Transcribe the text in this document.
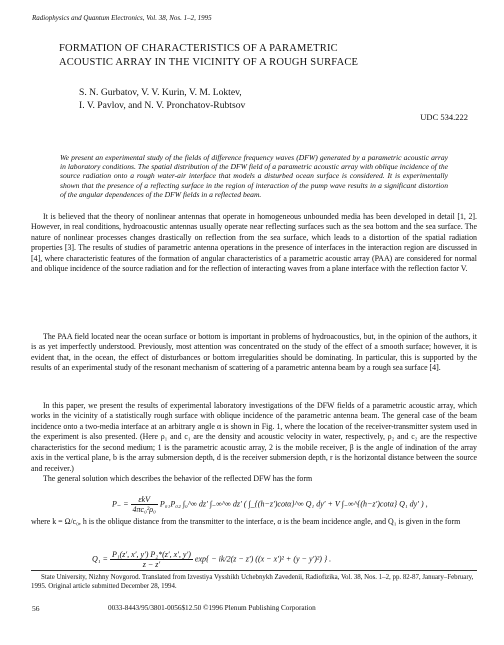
Radiophysics and Quantum Electronics, Vol. 38, Nos. 1–2, 1995
FORMATION OF CHARACTERISTICS OF A PARAMETRIC
ACOUSTIC ARRAY IN THE VICINITY OF A ROUGH SURFACE
S. N. Gurbatov, V. V. Kurin, V. M. Loktev,
I. V. Pavlov, and N. V. Pronchatov-Rubtsov
UDC 534.222
We present an experimental study of the fields of difference frequency waves (DFW) generated by a parametric acoustic array in laboratory conditions. The spatial distribution of the DFW field of a parametric acoustic array with oblique incidence of the source radiation onto a rough water-air interface that models a disturbed ocean surface is considered. It is experimentally shown that the presence of a reflecting surface in the region of interaction of the pump wave results in a significant distortion of the angular dependences of the DFW fields in a reflected beam.

It is believed that the theory of nonlinear antennas that operate in homogeneous unbounded media has been developed in detail [1, 2]. However, in real conditions, hydroacoustic antennas usually operate near reflecting surfaces such as the sea bottom and the sea surface. The nature of nonlinear processes changes drastically on reflection from the sea surface, which leads to a distortion of the spatial radiation properties [3]. The results of studies of parametric antenna operations in the presence of interfaces in the interaction region are discussed in [4], where characteristic features of the formation of angular characteristics of a parametric acoustic array (PAA) are considered for normal and oblique incidence of the source radiation and for the reflection of interacting waves from a plane interface with the reflection factor V.

The PAA field located near the ocean surface or bottom is important in problems of hydroacoustics, but, in the opinion of the authors, it is as yet imperfectly understood. Previously, most attention was concentrated on the study of the effect of a smooth surface; however, it is evident that, in the ocean, the effect of disturbances or bottom irregularities should be dominating. In particular, this is supported by the results of an experimental study of the resonant mechanism of scattering of a parametric antenna beam by a rough sea surface [4].

In this paper, we present the results of experimental laboratory investigations of the DFW fields of a parametric acoustic array, which works in the vicinity of a statistically rough surface with oblique incidence of the parametric antenna beam. The general case of the beam incidence onto a two-media interface at an arbitrary angle α is shown in Fig. 1, where the location of the receiver-transmitter system used in the experiment is also presented. (Here ρ₁ and c₁ are the density and acoustic velocity in water, respectively, ρ₂ and c₂ are the respective characteristics for the second medium; 1 is the parametric acoustic array, 2 is the mobile receiver, β is the angle of indination of the array axis in the vertical plane, b is the array submersion depth, d is the receiver submersion depth, r is the horizontal distance between the source and receiver.)

The general solution which describes the behavior of the reflected DFW has the form

$P_- = \frac{\text{εkV}}{\text{4πc₀²ρ₀}} P_{01}P_{02}$ ∫₀^∞ dz′ ∫₋∞^∞ dz′ ( ∫_{(h−z′)cotα}^∞ Q₁ dy′ + V ∫₋∞^{(h−z′)cotα} Q₁ dy′ ) ,
where k = Ω/c₀, h is the oblique distance from the transmitter to the interface, α is the beam incidence angle, and Q₁ is given in the form
$Q_1 = \frac{\text{P₁(z′, x′, y′) P₂*(z′, x′, y′)}}{z - z'} \exp\{ - ik/2(z - z') ((x - x')^2 + (y - y')^2)$ } .
State University, Nizhny Novgorod. Translated from Izvestiya Vysshikh Uchebnykh Zavedenii, Radiofizika, Vol. 38, Nos. 1–2, pp. 82-87, January–February, 1995. Original article submitted December 28, 1994.
56	0033-8443/95/3801-0056$12.50 ©1996 Plenum Publishing Corporation
